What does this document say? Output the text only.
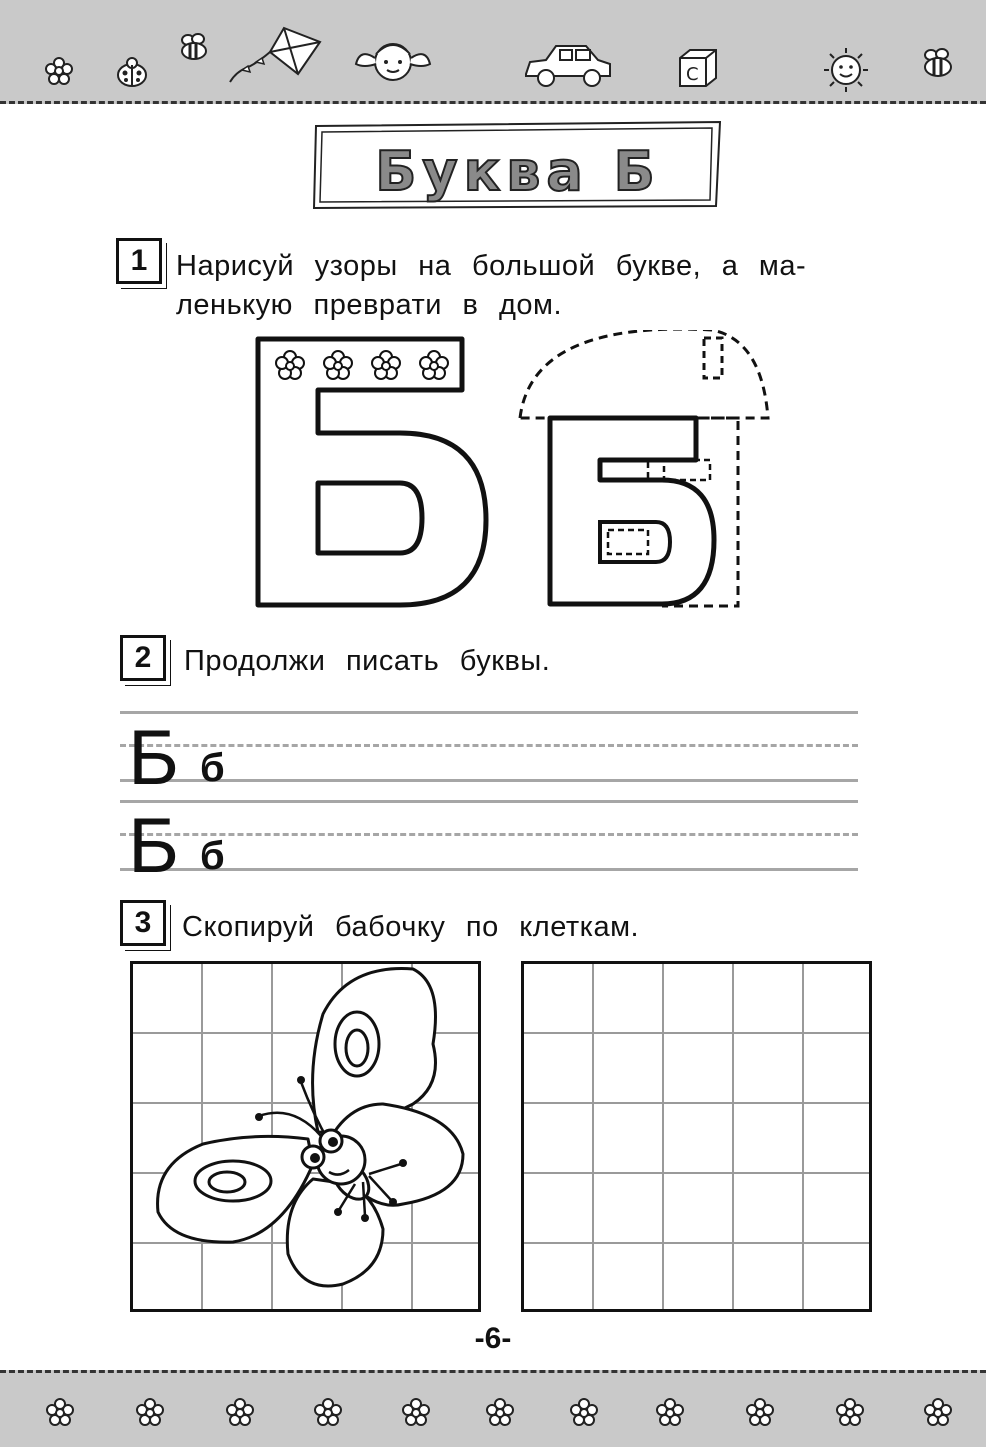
C
Буква Б
1 Нарисуй узоры на большой букве, а ма-
ленькую преврати в дом.
2	Продолжи писать буквы.
Б б
Б б
3	Скопируй бабочку по клеткам.
-6-
